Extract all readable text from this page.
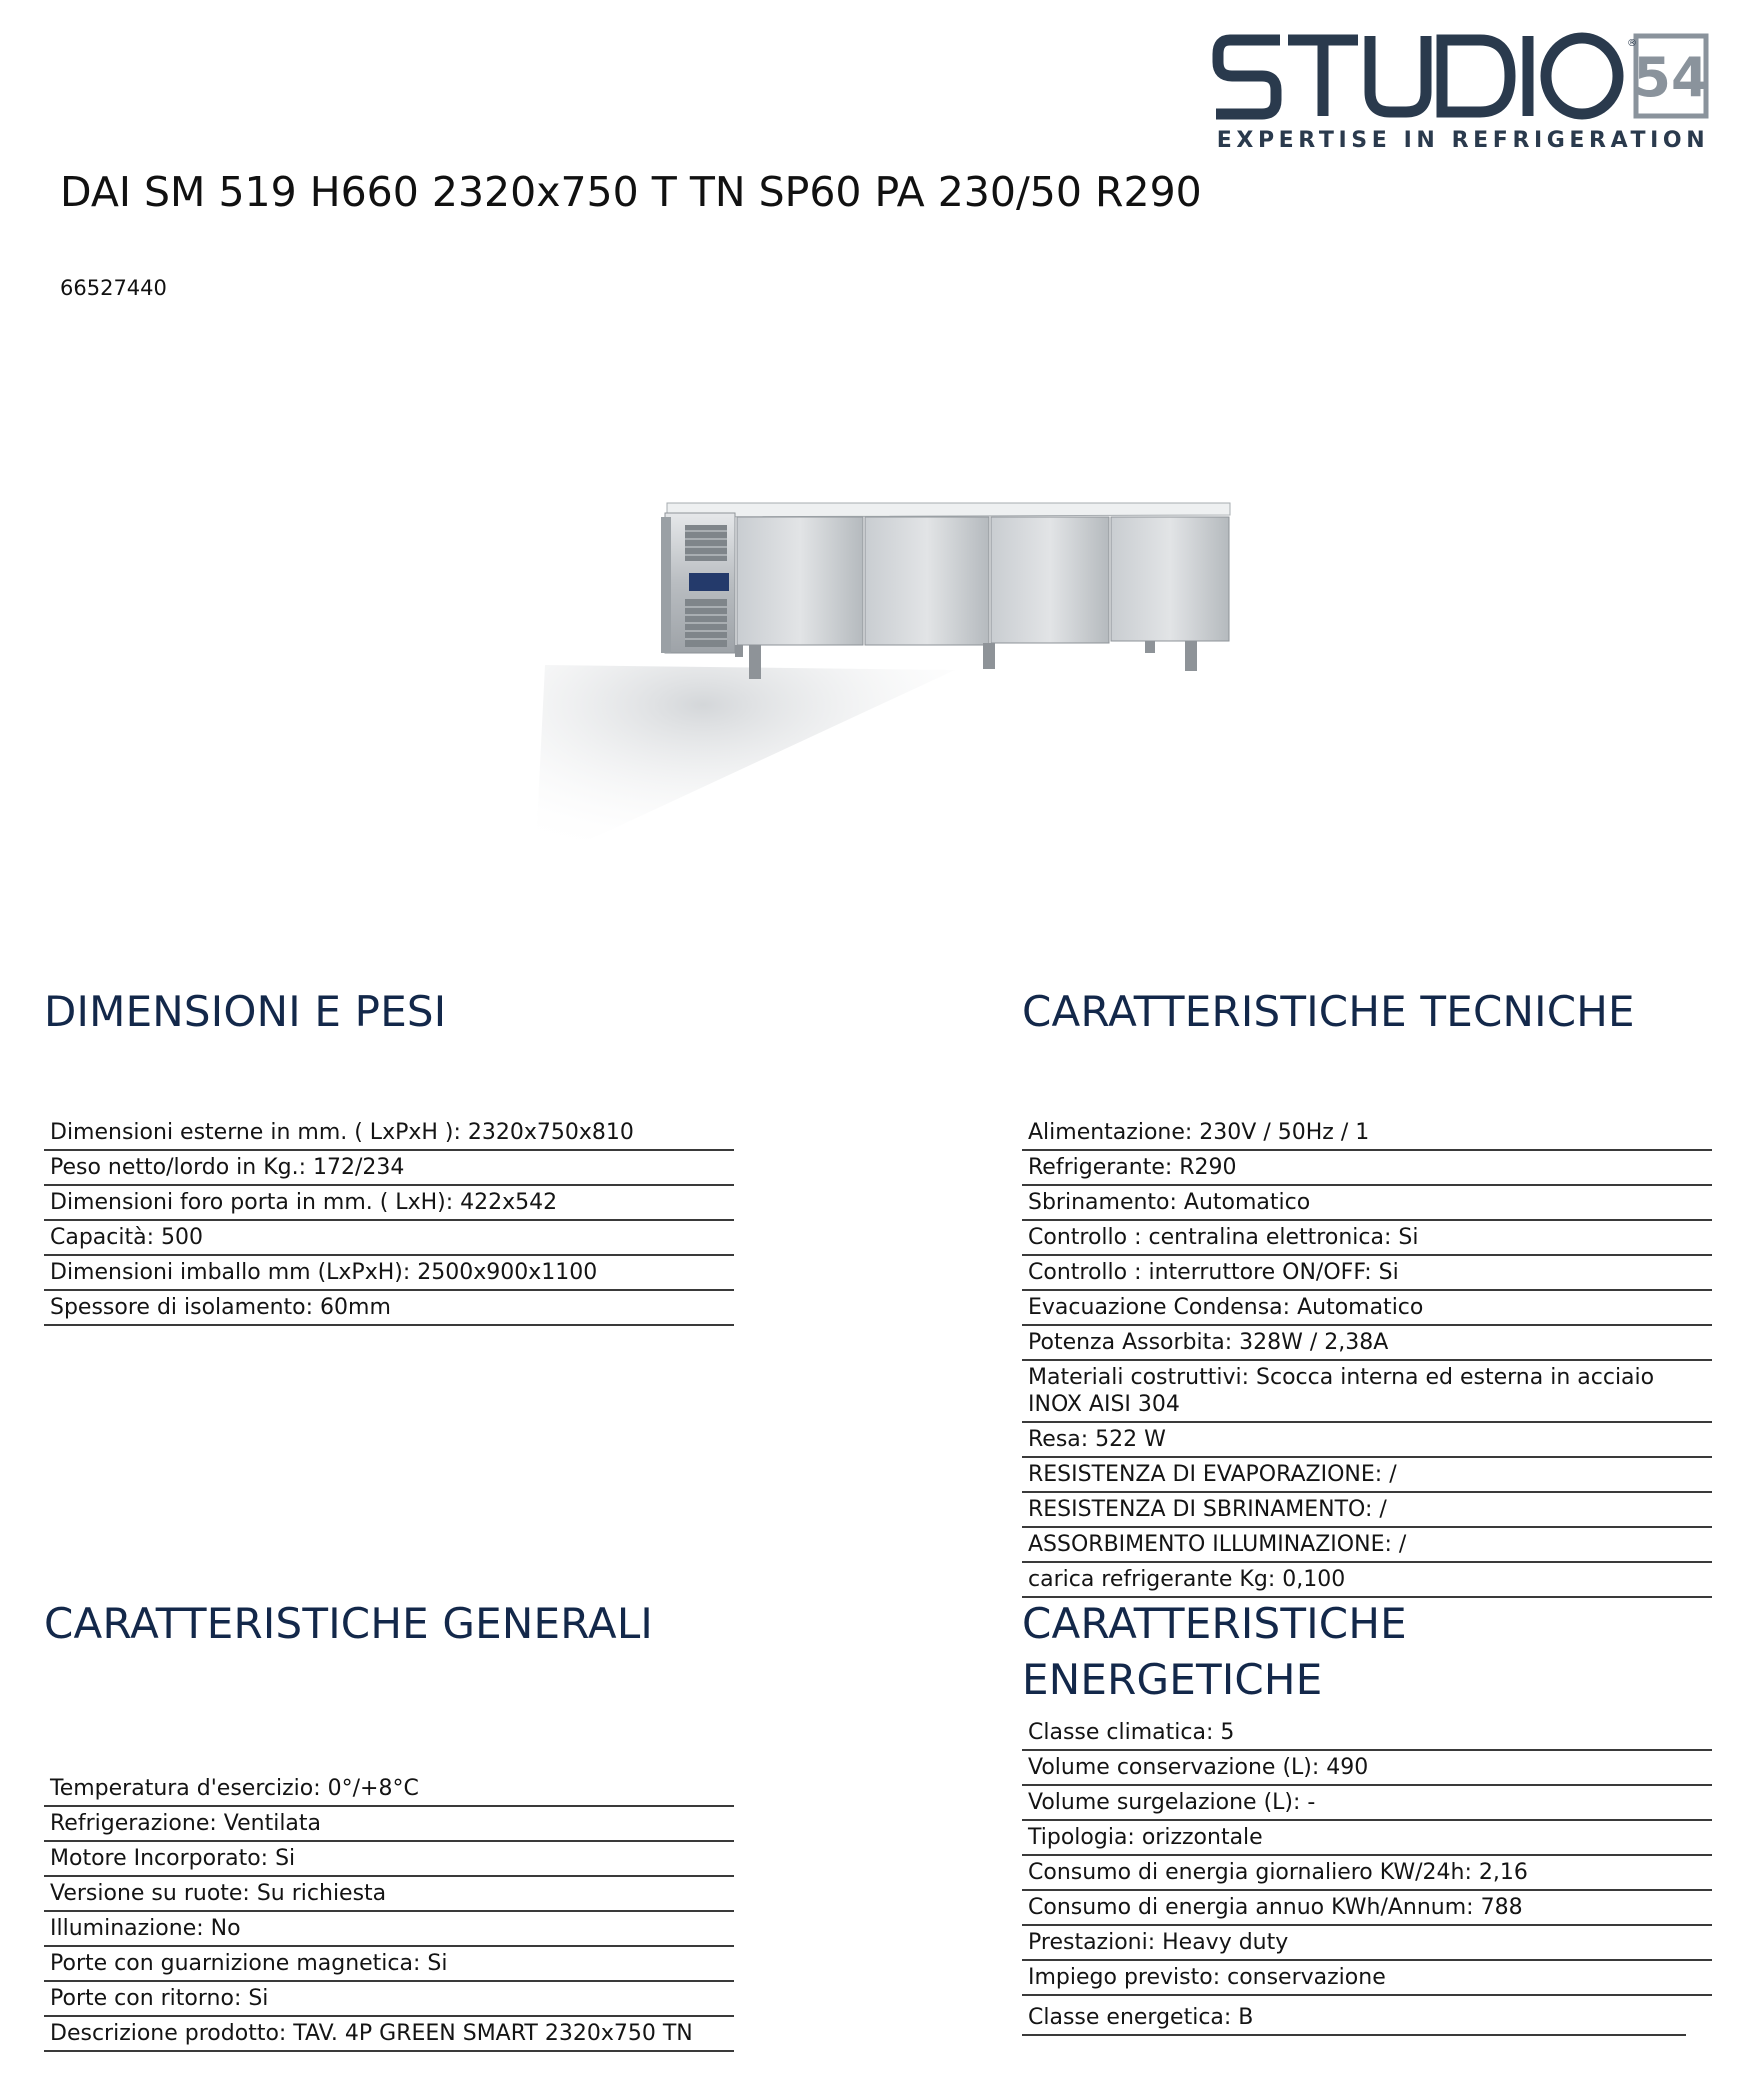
54
®
EXPERTISE IN REFRIGERATION
DAI SM 519 H660 2320x750 T TN SP60 PA 230/50 R290
66527440
DIMENSIONI E PESI
Dimensioni esterne in mm. ( LxPxH ): 2320x750x810
Peso netto/lordo in Kg.: 172/234
Dimensioni foro porta in mm. ( LxH): 422x542
Capacità: 500
Dimensioni imballo mm (LxPxH): 2500x900x1100
Spessore di isolamento: 60mm
CARATTERISTICHE TECNICHE
Alimentazione: 230V / 50Hz / 1
Refrigerante: R290
Sbrinamento: Automatico
Controllo : centralina elettronica: Si
Controllo : interruttore ON/OFF: Si
Evacuazione Condensa: Automatico
Potenza Assorbita: 328W / 2,38A
Materiali costruttivi: Scocca interna ed esterna in acciaio INOX AISI 304
Resa: 522 W
RESISTENZA DI EVAPORAZIONE: /
RESISTENZA DI SBRINAMENTO: /
ASSORBIMENTO ILLUMINAZIONE: /
carica refrigerante Kg: 0,100
CARATTERISTICHE GENERALI
Temperatura d'esercizio: 0°/+8°C
Refrigerazione: Ventilata
Motore Incorporato: Si
Versione su ruote: Su richiesta
Illuminazione: No
Porte con guarnizione magnetica: Si
Porte con ritorno: Si
Descrizione prodotto: TAV. 4P GREEN SMART 2320x750 TN
CARATTERISTICHE ENERGETICHE
Classe climatica: 5
Volume conservazione (L): 490
Volume surgelazione (L): -
Tipologia: orizzontale
Consumo di energia giornaliero KW/24h: 2,16
Consumo di energia annuo KWh/Annum: 788
Prestazioni: Heavy duty
Impiego previsto: conservazione
Classe energetica: B
